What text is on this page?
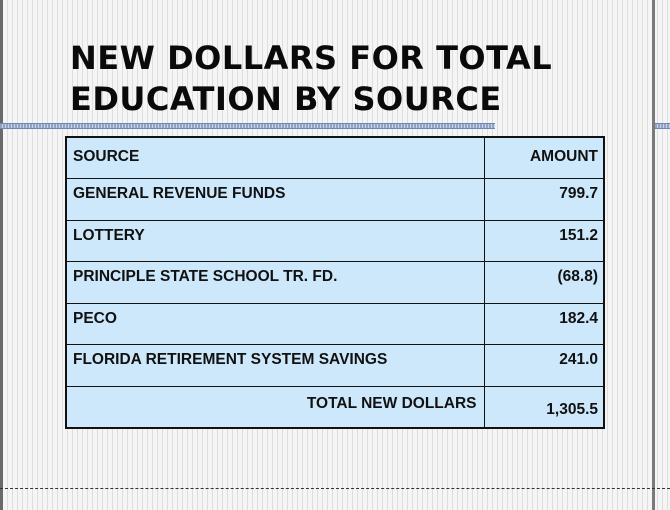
NEW DOLLARS FOR TOTAL
EDUCATION BY SOURCE
SOURCE	AMOUNT
GENERAL REVENUE FUNDS	799.7
LOTTERY	151.2
PRINCIPLE STATE SCHOOL TR. FD.	(68.8)
PECO	182.4
FLORIDA RETIREMENT SYSTEM SAVINGS	241.0
TOTAL NEW DOLLARS	1,305.5
